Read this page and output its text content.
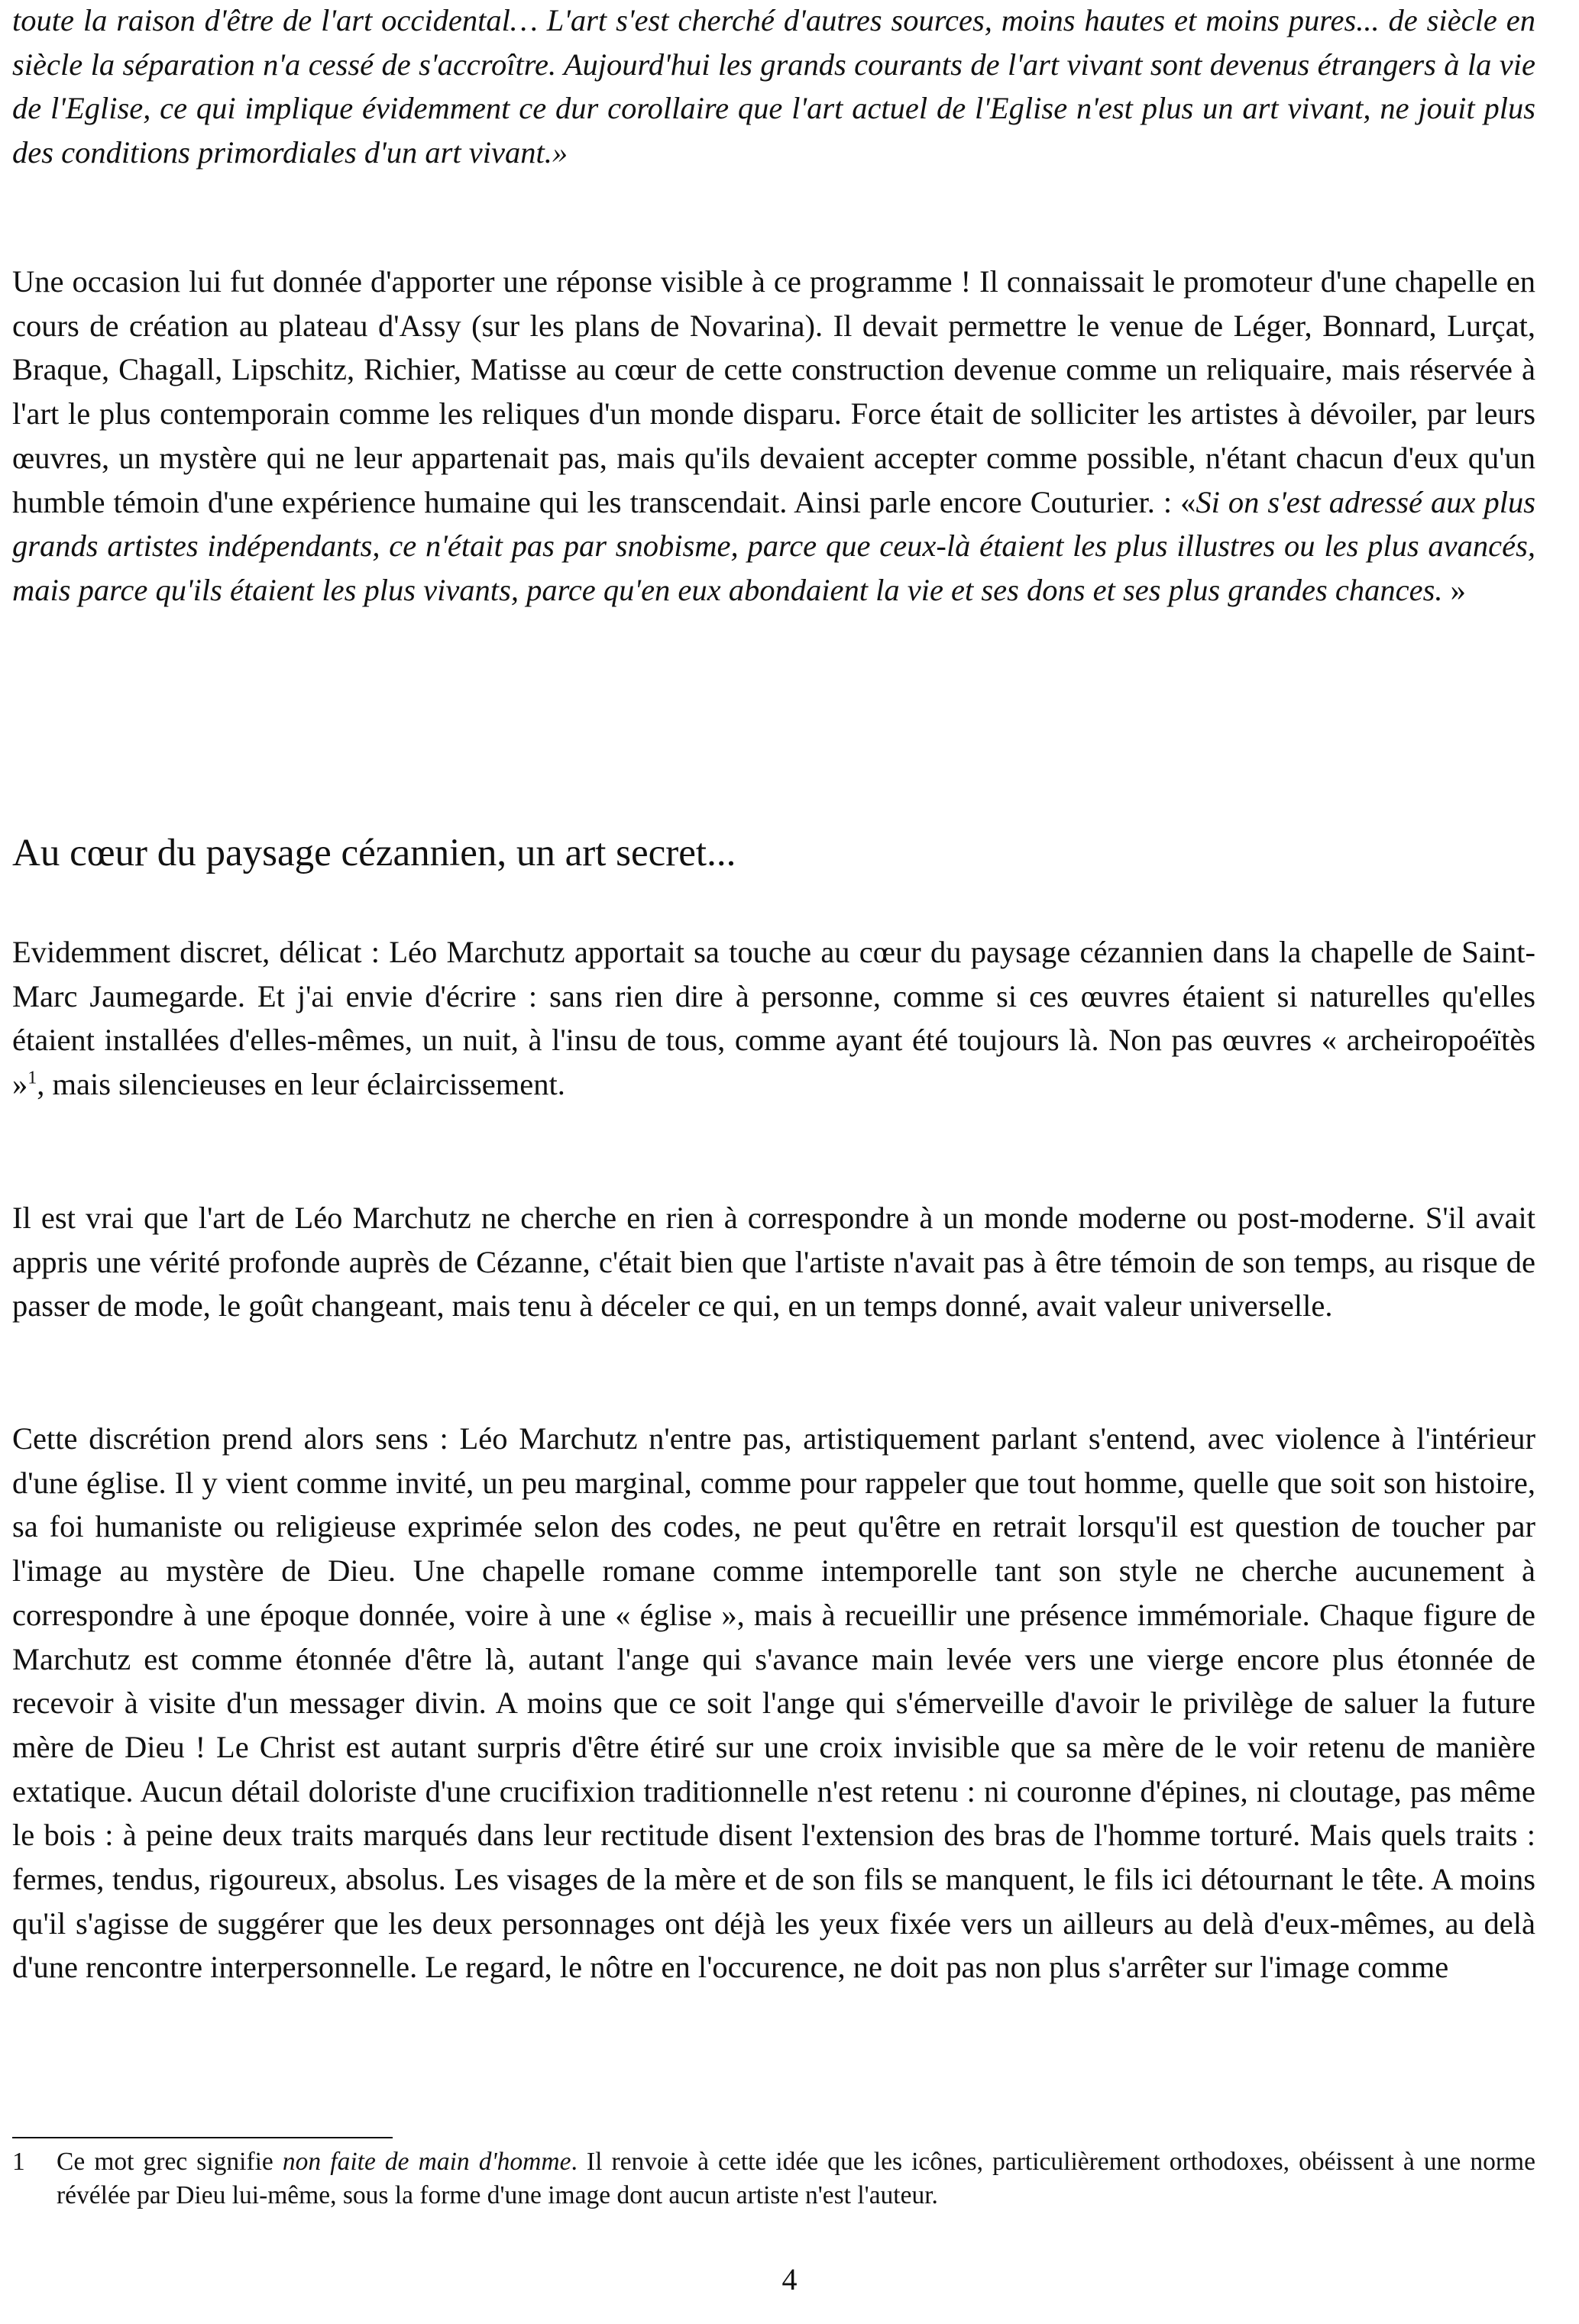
toute la raison d'être de l'art occidental… L'art s'est cherché d'autres sources, moins hautes et moins pures... de siècle en siècle la séparation n'a cessé de s'accroître. Aujourd'hui les grands courants de l'art vivant sont devenus étrangers à la vie de l'Eglise, ce qui implique évidemment ce dur corollaire que l'art actuel de l'Eglise n'est plus un art vivant, ne jouit plus des conditions primordiales d'un art vivant.»

Une occasion lui fut donnée d'apporter une réponse visible à ce programme ! Il connaissait le promoteur d'une chapelle en cours de création au plateau d'Assy (sur les plans de Novarina). Il devait permettre le venue de Léger, Bonnard, Lurçat, Braque, Chagall, Lipschitz, Richier, Matisse au cœur de cette construction devenue comme un reliquaire, mais réservée à l'art le plus contemporain comme les reliques d'un monde disparu. Force était de solliciter les artistes à dévoiler, par leurs œuvres, un mystère qui ne leur appartenait pas, mais qu'ils devaient accepter comme possible, n'étant chacun d'eux qu'un humble témoin d'une expérience humaine qui les transcendait. Ainsi parle encore Couturier. : «Si on s'est adressé aux plus grands artistes indépendants, ce n'était pas par snobisme, parce que ceux-là étaient les plus illustres ou les plus avancés, mais parce qu'ils étaient les plus vivants, parce qu'en eux abondaient la vie et ses dons et ses plus grandes chances. »

Au cœur du paysage cézannien, un art secret...

Evidemment discret, délicat : Léo Marchutz apportait sa touche au cœur du paysage cézannien dans la chapelle de Saint-Marc Jaumegarde. Et j'ai envie d'écrire : sans rien dire à personne, comme si ces œuvres étaient si naturelles qu'elles étaient installées d'elles-mêmes, un nuit, à l'insu de tous, comme ayant été toujours là. Non pas œuvres « archeiropoéïtès »$^1$, mais silencieuses en leur éclaircissement.

Il est vrai que l'art de Léo Marchutz ne cherche en rien à correspondre à un monde moderne ou post-moderne. S'il avait appris une vérité profonde auprès de Cézanne, c'était bien que l'artiste n'avait pas à être témoin de son temps, au risque de passer de mode, le goût changeant, mais tenu à déceler ce qui, en un temps donné, avait valeur universelle.

Cette discrétion prend alors sens : Léo Marchutz n'entre pas, artistiquement parlant s'entend, avec violence à l'intérieur d'une église. Il y vient comme invité, un peu marginal, comme pour rappeler que tout homme, quelle que soit son histoire, sa foi humaniste ou religieuse exprimée selon des codes, ne peut qu'être en retrait lorsqu'il est question de toucher par l'image au mystère de Dieu. Une chapelle romane comme intemporelle tant son style ne cherche aucunement à correspondre à une époque donnée, voire à une « église », mais à recueillir une présence immémoriale. Chaque figure de Marchutz est comme étonnée d'être là, autant l'ange qui s'avance main levée vers une vierge encore plus étonnée de recevoir à visite d'un messager divin. A moins que ce soit l'ange qui s'émerveille d'avoir le privilège de saluer la future mère de Dieu ! Le Christ est autant surpris d'être étiré sur une croix invisible que sa mère de le voir retenu de manière extatique. Aucun détail doloriste d'une crucifixion traditionnelle n'est retenu : ni couronne d'épines, ni cloutage, pas même le bois : à peine deux traits marqués dans leur rectitude disent l'extension des bras de l'homme torturé. Mais quels traits : fermes, tendus, rigoureux, absolus. Les visages de la mère et de son fils se manquent, le fils ici détournant le tête. A moins qu'il s'agisse de suggérer que les deux personnages ont déjà les yeux fixée vers un ailleurs au delà d'eux-mêmes, au delà d'une rencontre interpersonnelle. Le regard, le nôtre en l'occurence, ne doit pas non plus s'arrêter sur l'image comme

1	Ce mot grec signifie non faite de main d'homme. Il renvoie à cette idée que les icônes, particulièrement orthodoxes, obéissent à une norme révélée par Dieu lui-même, sous la forme d'une image dont aucun artiste n'est l'auteur.
4
